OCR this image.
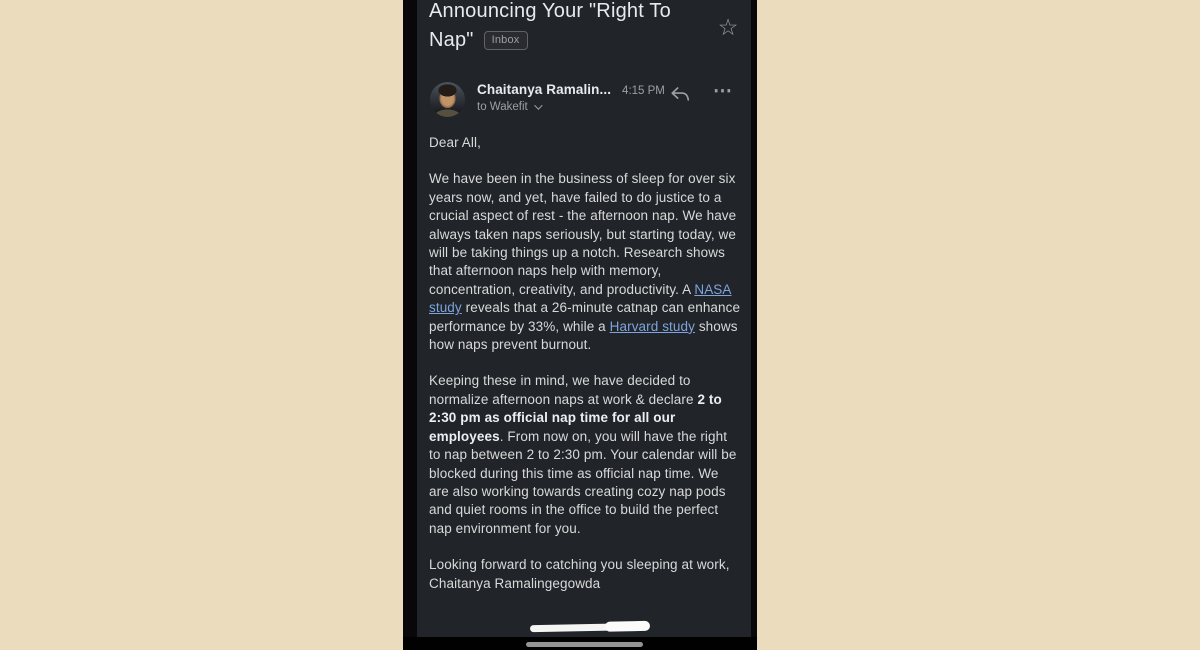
Announcing Your "Right To
Nap"	Inbox	☆
Chaitanya Ramalin... 4:15 PM
to Wakefit
⋯

Dear All,

We have been in the business of sleep for over six years now, and yet, have failed to do justice to a crucial aspect of rest - the afternoon nap. We have always taken naps seriously, but starting today, we will be taking things up a notch. Research shows that afternoon naps help with memory, concentration, creativity, and productivity. A NASA study reveals that a 26-minute catnap can enhance performance by 33%, while a Harvard study shows how naps prevent burnout.

Keeping these in mind, we have decided to normalize afternoon naps at work & declare 2 to 2:30 pm as official nap time for all our employees. From now on, you will have the right to nap between 2 to 2:30 pm. Your calendar will be blocked during this time as official nap time. We are also working towards creating cozy nap pods and quiet rooms in the office to build the perfect nap environment for you.

Looking forward to catching you sleeping at work,
Chaitanya Ramalingegowda
